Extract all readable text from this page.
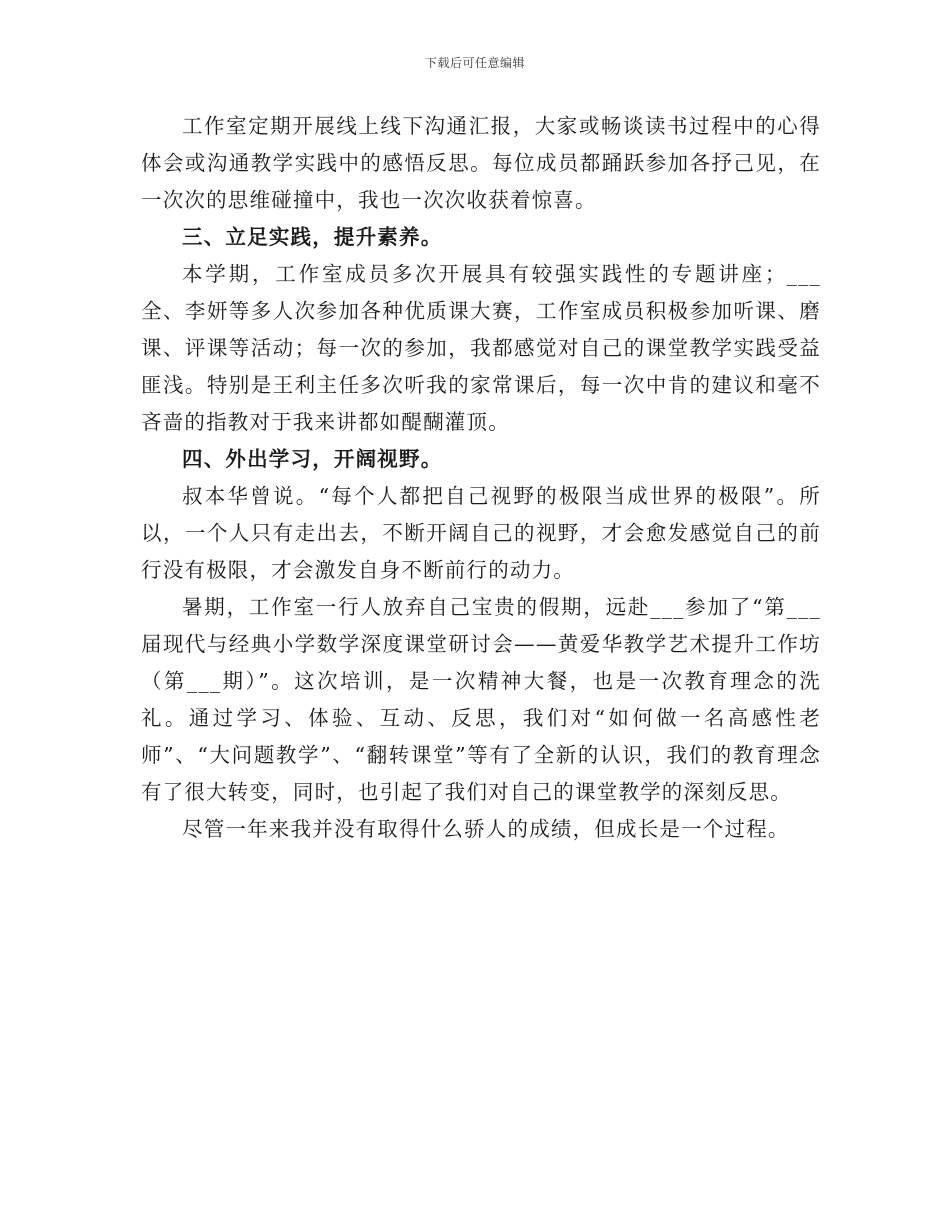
下载后可任意编辑

工作室定期开展线上线下沟通汇报，大家或畅谈读书过程中的心得体会或沟通教学实践中的感悟反思。每位成员都踊跃参加各抒己见，在一次次的思维碰撞中，我也一次次收获着惊喜。

三、立足实践，提升素养。

本学期，工作室成员多次开展具有较强实践性的专题讲座；___全、李妍等多人次参加各种优质课大赛，工作室成员积极参加听课、磨课、评课等活动；每一次的参加，我都感觉对自己的课堂教学实践受益匪浅。特别是王利主任多次听我的家常课后，每一次中肯的建议和毫不吝啬的指教对于我来讲都如醍醐灌顶。

四、外出学习，开阔视野。

叔本华曾说。“每个人都把自己视野的极限当成世界的极限”。所以，一个人只有走出去，不断开阔自己的视野，才会愈发感觉自己的前行没有极限，才会激发自身不断前行的动力。

暑期，工作室一行人放弃自己宝贵的假期，远赴___参加了“第___届现代与经典小学数学深度课堂研讨会——黄爱华教学艺术提升工作坊（第___期）”。这次培训，是一次精神大餐，也是一次教育理念的洗礼。通过学习、体验、互动、反思，我们对“如何做一名高感性老师”、“大问题教学”、“翻转课堂”等有了全新的认识，我们的教育理念有了很大转变，同时，也引起了我们对自己的课堂教学的深刻反思。

尽管一年来我并没有取得什么骄人的成绩，但成长是一个过程。
